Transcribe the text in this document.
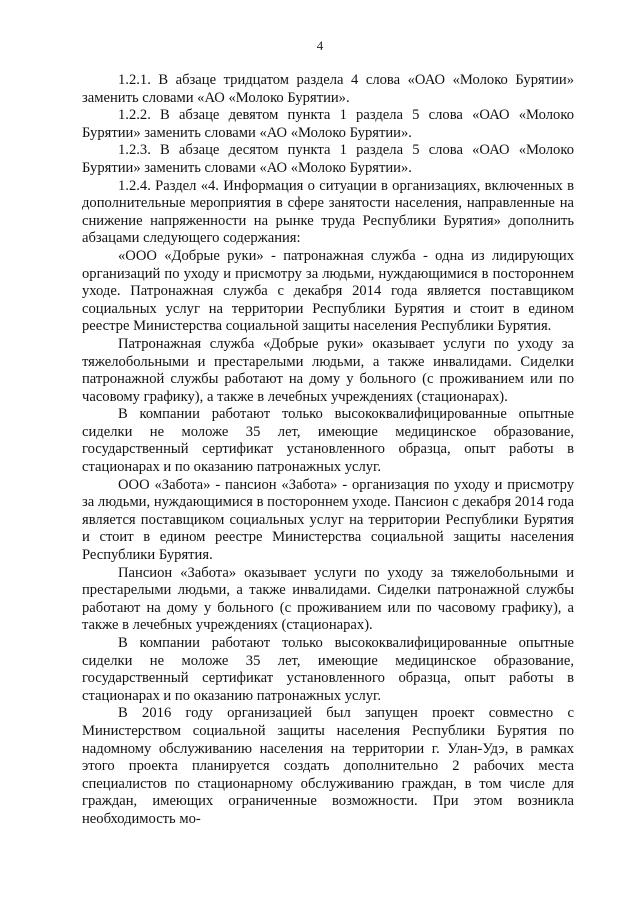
4

1.2.1. В абзаце тридцатом раздела 4 слова «ОАО «Молоко Бурятии» заменить словами «АО «Молоко Бурятии».

1.2.2. В абзаце девятом пункта 1 раздела 5 слова «ОАО «Молоко Бурятии» заменить словами «АО «Молоко Бурятии».

1.2.3. В абзаце десятом пункта 1 раздела 5 слова «ОАО «Молоко Бурятии» заменить словами «АО «Молоко Бурятии».

1.2.4. Раздел «4. Информация о ситуации в организациях, включенных в дополнительные мероприятия в сфере занятости населения, направленные на снижение напряженности на рынке труда Республики Бурятия» дополнить абзацами следующего содержания:

«ООО «Добрые руки» - патронажная служба - одна из лидирующих организаций по уходу и присмотру за людьми, нуждающимися в постороннем уходе. Патронажная служба с декабря 2014 года является поставщиком социальных услуг на территории Республики Бурятия и стоит в едином реестре Министерства социальной защиты населения Республики Бурятия.

Патронажная служба «Добрые руки» оказывает услуги по уходу за тяжелобольными и престарелыми людьми, а также инвалидами. Сиделки патронажной службы работают на дому у больного (с проживанием или по часовому графику), а также в лечебных учреждениях (стационарах).

В компании работают только высококвалифицированные опытные сиделки не моложе 35 лет, имеющие медицинское образование, государственный сертификат установленного образца, опыт работы в стационарах и по оказанию патронажных услуг.

ООО «Забота» - пансион «Забота» - организация по уходу и присмотру за людьми, нуждающимися в постороннем уходе. Пансион с декабря 2014 года является поставщиком социальных услуг на территории Республики Бурятия и стоит в едином реестре Министерства социальной защиты населения Республики Бурятия.

Пансион «Забота» оказывает услуги по уходу за тяжелобольными и престарелыми людьми, а также инвалидами. Сиделки патронажной службы работают на дому у больного (с проживанием или по часовому графику), а также в лечебных учреждениях (стационарах).

В компании работают только высококвалифицированные опытные сиделки не моложе 35 лет, имеющие медицинское образование, государственный сертификат установленного образца, опыт работы в стационарах и по оказанию патронажных услуг.

В 2016 году организацией был запущен проект совместно с Министерством социальной защиты населения Республики Бурятия по надомному обслуживанию населения на территории г. Улан-Удэ, в рамках этого проекта планируется создать дополнительно 2 рабочих места специалистов по стационарному обслуживанию граждан, в том числе для граждан, имеющих ограниченные возможности. При этом возникла необходимость мо-
